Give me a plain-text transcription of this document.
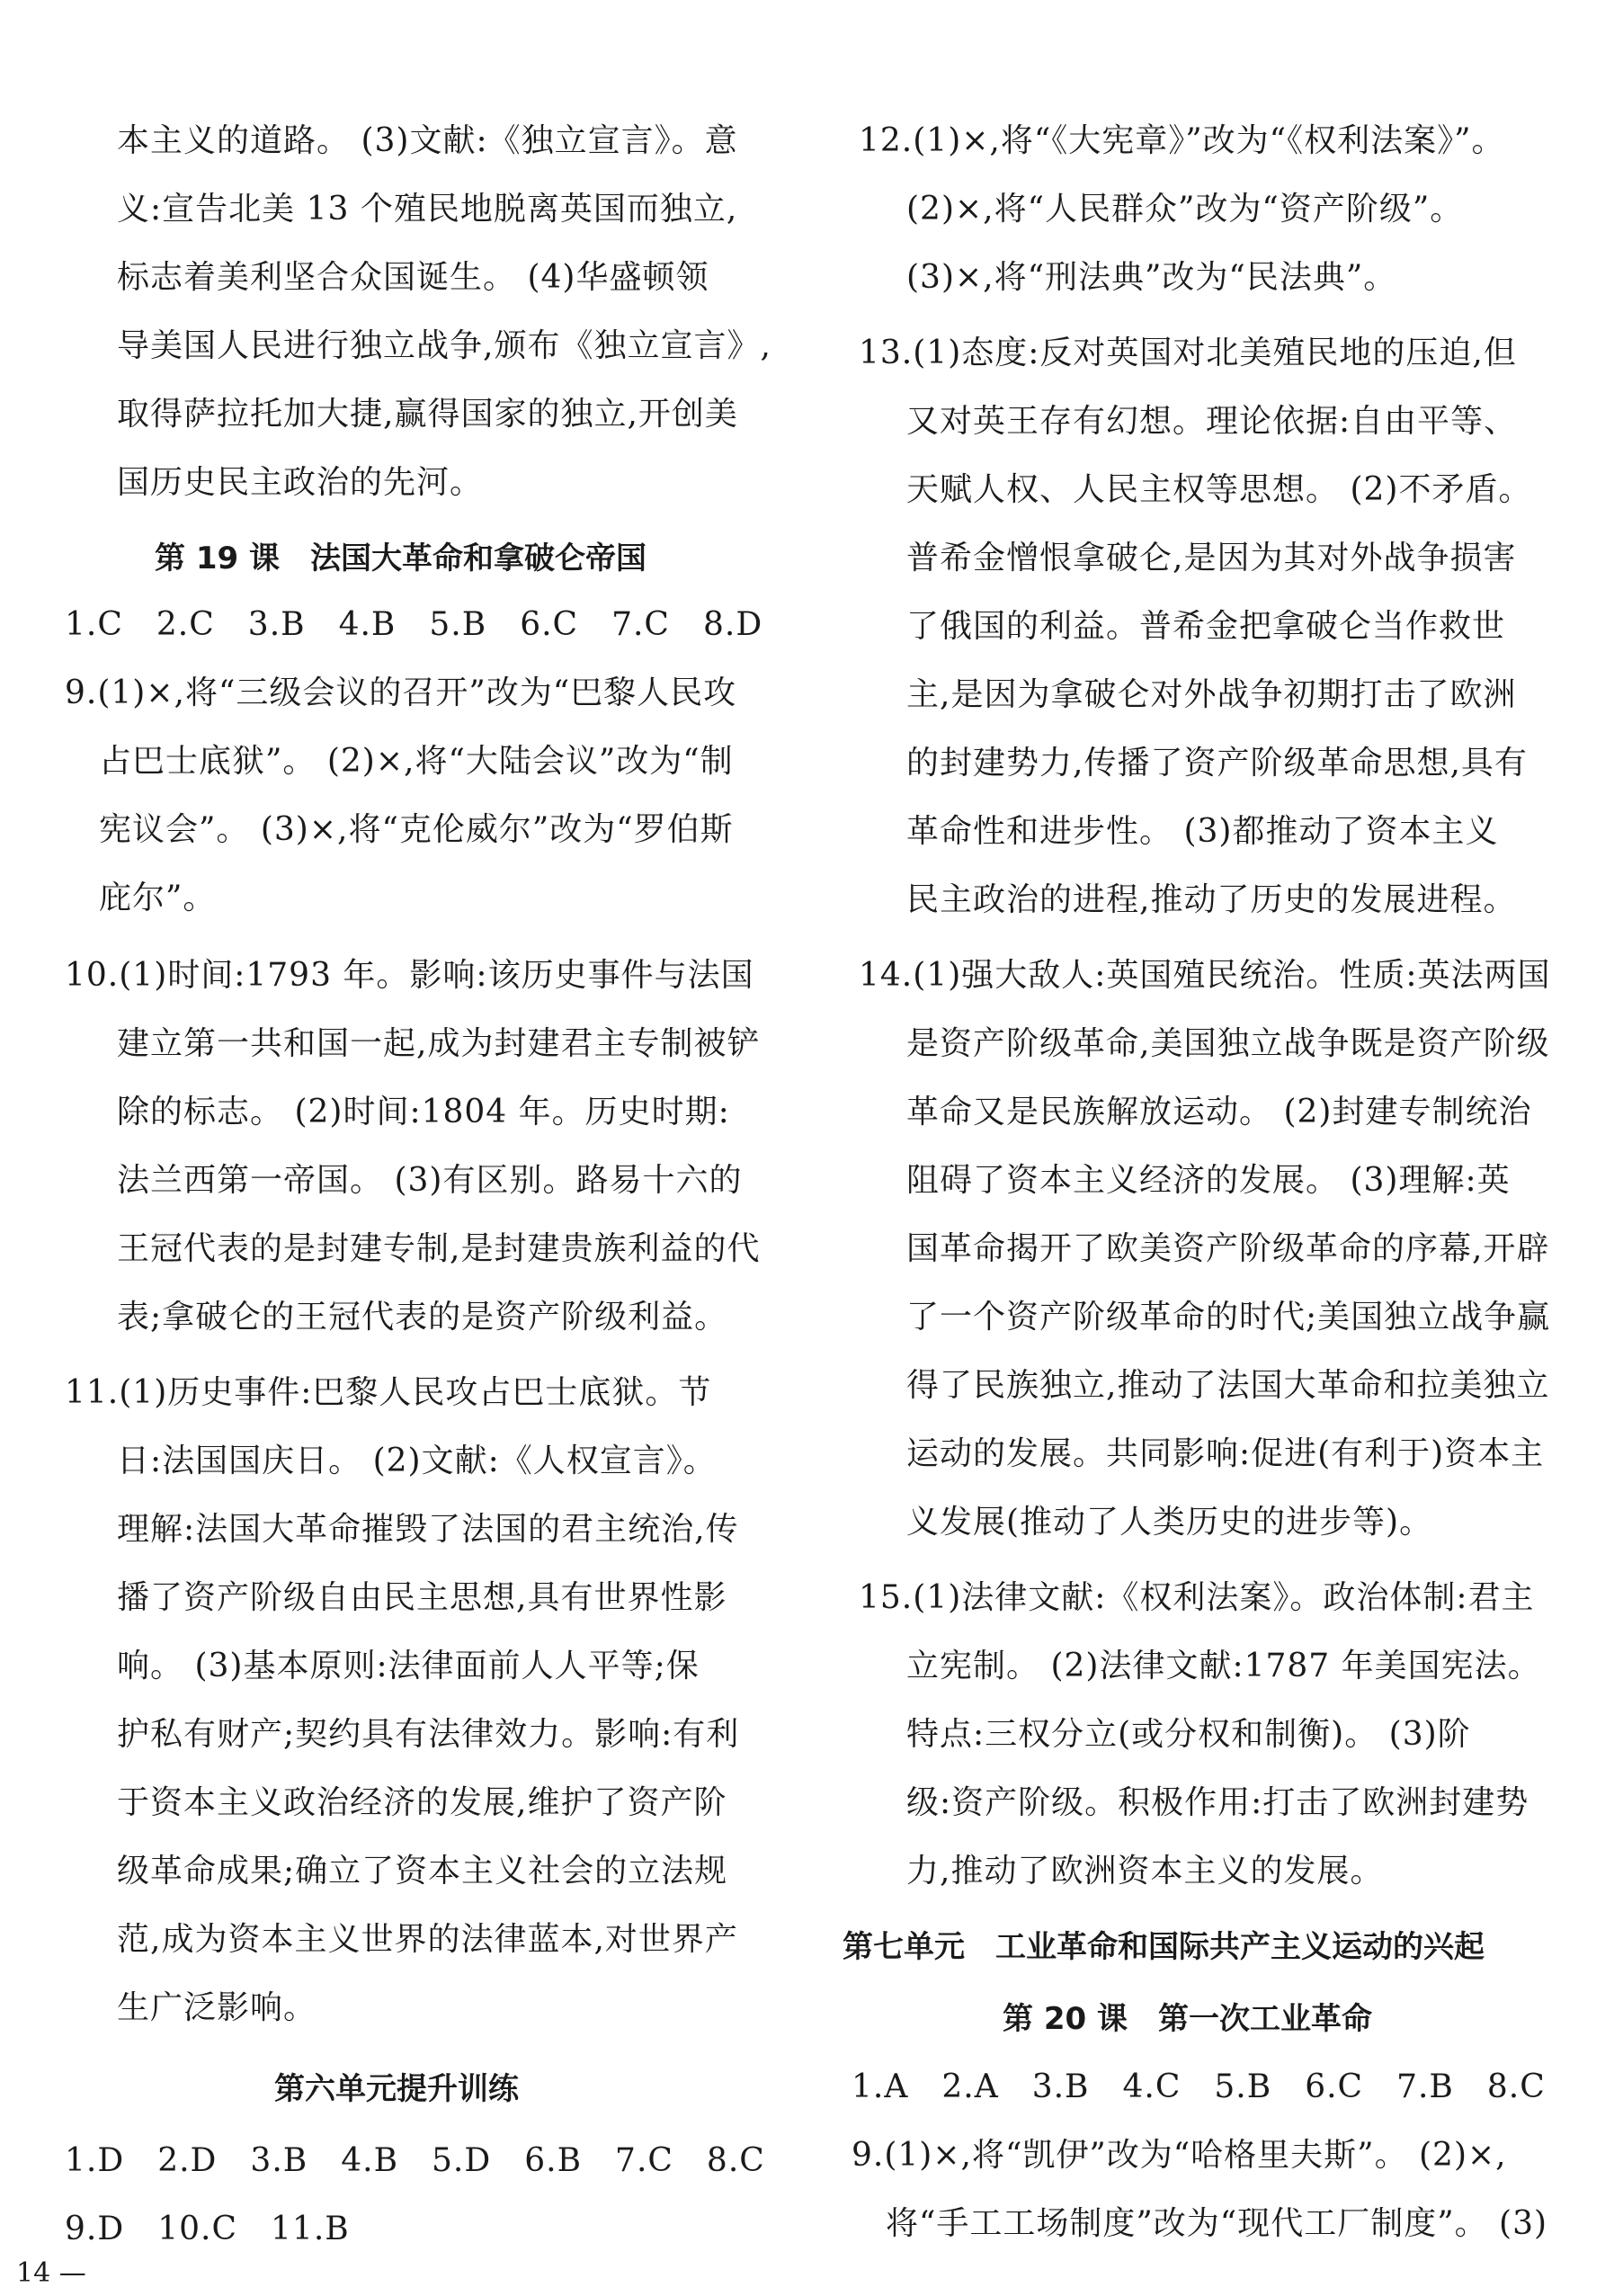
本主义的道路。 (3)文献:《独立宣言》。意
义:宣告北美 13 个殖民地脱离英国而独立,
标志着美利坚合众国诞生。 (4)华盛顿领
导美国人民进行独立战争,颁布《独立宣言》,
取得萨拉托加大捷,赢得国家的独立,开创美
国历史民主政治的先河。
第 19 课　法国大革命和拿破仑帝国
1.C　2.C　3.B　4.B　5.B　6.C　7.C　8.D
9.(1)×,将“三级会议的召开”改为“巴黎人民攻
占巴士底狱”。 (2)×,将“大陆会议”改为“制
宪议会”。 (3)×,将“克伦威尔”改为“罗伯斯
庇尔”。
10.(1)时间:1793 年。影响:该历史事件与法国
建立第一共和国一起,成为封建君主专制被铲
除的标志。 (2)时间:1804 年。历史时期:
法兰西第一帝国。 (3)有区别。路易十六的
王冠代表的是封建专制,是封建贵族利益的代
表;拿破仑的王冠代表的是资产阶级利益。
11.(1)历史事件:巴黎人民攻占巴士底狱。节
日:法国国庆日。 (2)文献:《人权宣言》。
理解:法国大革命摧毁了法国的君主统治,传
播了资产阶级自由民主思想,具有世界性影
响。 (3)基本原则:法律面前人人平等;保
护私有财产;契约具有法律效力。影响:有利
于资本主义政治经济的发展,维护了资产阶
级革命成果;确立了资本主义社会的立法规
范,成为资本主义世界的法律蓝本,对世界产
生广泛影响。
第六单元提升训练
1.D　2.D　3.B　4.B　5.D　6.B　7.C　8.C
9.D　10.C　11.B
12.(1)×,将“《大宪章》”改为“《权利法案》”。
(2)×,将“人民群众”改为“资产阶级”。
(3)×,将“刑法典”改为“民法典”。
13.(1)态度:反对英国对北美殖民地的压迫,但
又对英王存有幻想。理论依据:自由平等、
天赋人权、人民主权等思想。 (2)不矛盾。
普希金憎恨拿破仑,是因为其对外战争损害
了俄国的利益。普希金把拿破仑当作救世
主,是因为拿破仑对外战争初期打击了欧洲
的封建势力,传播了资产阶级革命思想,具有
革命性和进步性。 (3)都推动了资本主义
民主政治的进程,推动了历史的发展进程。
14.(1)强大敌人:英国殖民统治。性质:英法两国
是资产阶级革命,美国独立战争既是资产阶级
革命又是民族解放运动。 (2)封建专制统治
阻碍了资本主义经济的发展。 (3)理解:英
国革命揭开了欧美资产阶级革命的序幕,开辟
了一个资产阶级革命的时代;美国独立战争赢
得了民族独立,推动了法国大革命和拉美独立
运动的发展。共同影响:促进(有利于)资本主
义发展(推动了人类历史的进步等)。
15.(1)法律文献:《权利法案》。政治体制:君主
立宪制。 (2)法律文献:1787 年美国宪法。
特点:三权分立(或分权和制衡)。 (3)阶
级:资产阶级。积极作用:打击了欧洲封建势
力,推动了欧洲资本主义的发展。
第七单元　工业革命和国际共产主义运动的兴起
第 20 课　第一次工业革命
1.A　2.A　3.B　4.C　5.B　6.C　7.B　8.C
9.(1)×,将“凯伊”改为“哈格里夫斯”。 (2)×,
将“手工工场制度”改为“现代工厂制度”。 (3)
14 —
